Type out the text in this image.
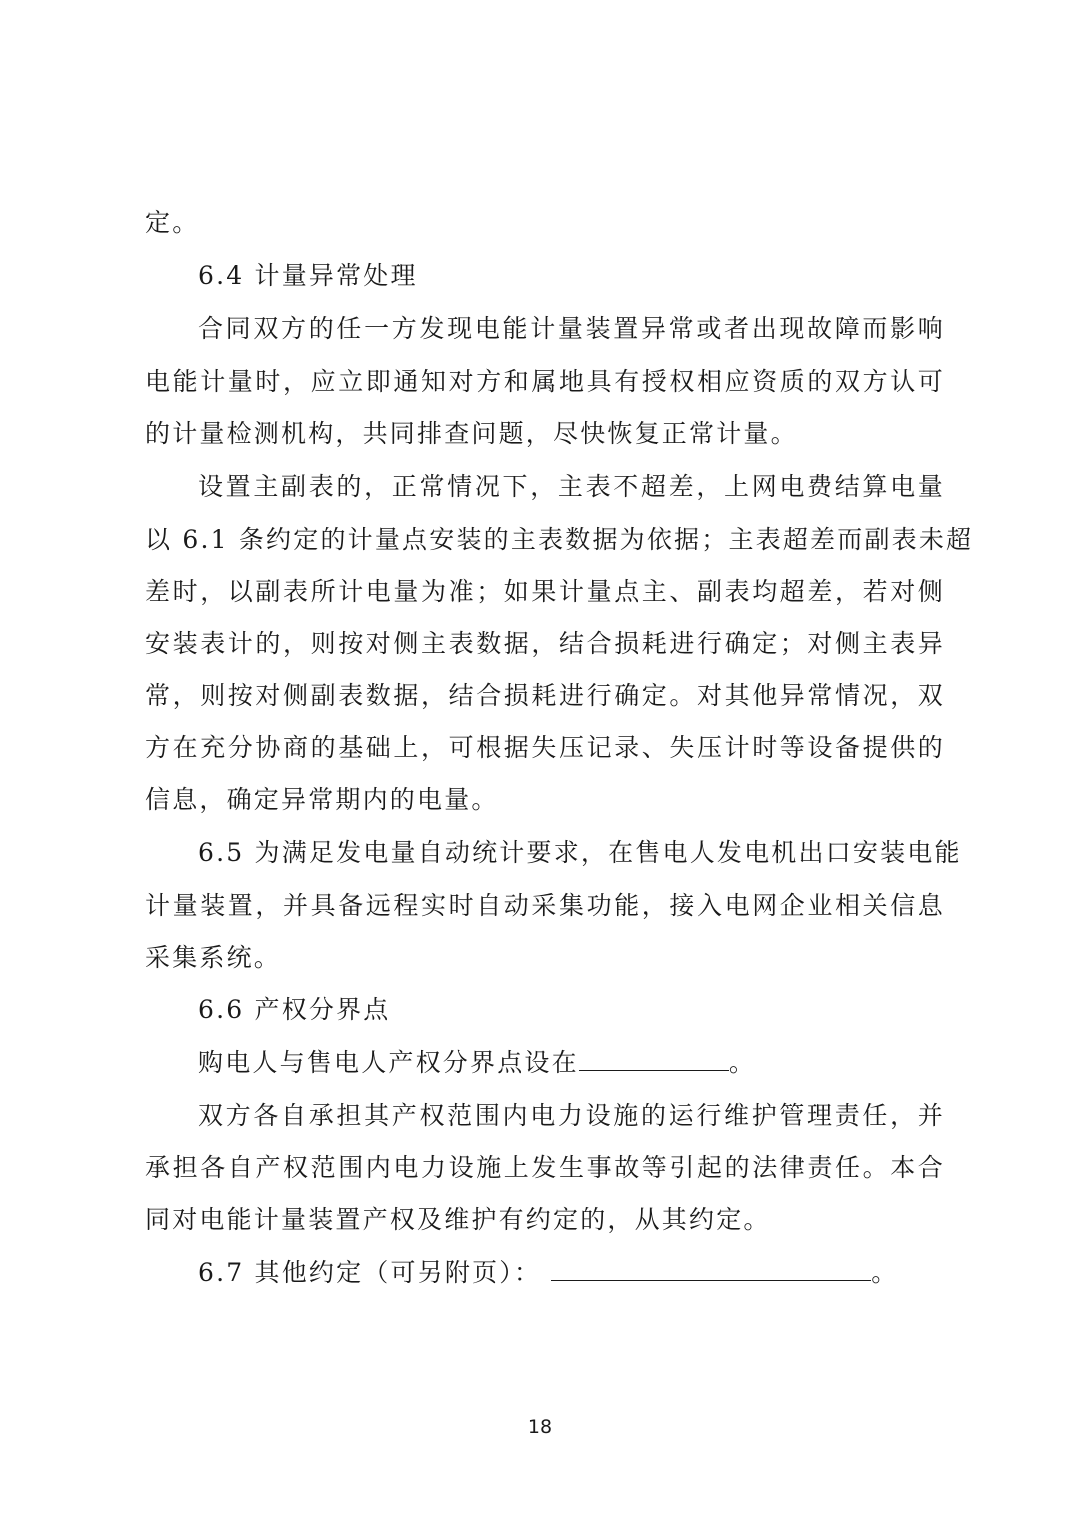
定。
6.4 计量异常处理
合同双方的任一方发现电能计量装置异常或者出现故障而影响
电能计量时，应立即通知对方和属地具有授权相应资质的双方认可
的计量检测机构，共同排查问题，尽快恢复正常计量。
设置主副表的，正常情况下，主表不超差，上网电费结算电量
以 6.1 条约定的计量点安装的主表数据为依据；主表超差而副表未超
差时，以副表所计电量为准；如果计量点主、副表均超差，若对侧
安装表计的，则按对侧主表数据，结合损耗进行确定；对侧主表异
常，则按对侧副表数据，结合损耗进行确定。对其他异常情况，双
方在充分协商的基础上，可根据失压记录、失压计时等设备提供的
信息，确定异常期内的电量。
6.5 为满足发电量自动统计要求，在售电人发电机出口安装电能
计量装置，并具备远程实时自动采集功能，接入电网企业相关信息
采集系统。
6.6 产权分界点
购电人与售电人产权分界点设在	。
双方各自承担其产权范围内电力设施的运行维护管理责任，并
承担各自产权范围内电力设施上发生事故等引起的法律责任。本合
同对电能计量装置产权及维护有约定的，从其约定。
6.7 其他约定（可另附页）：	。
18
